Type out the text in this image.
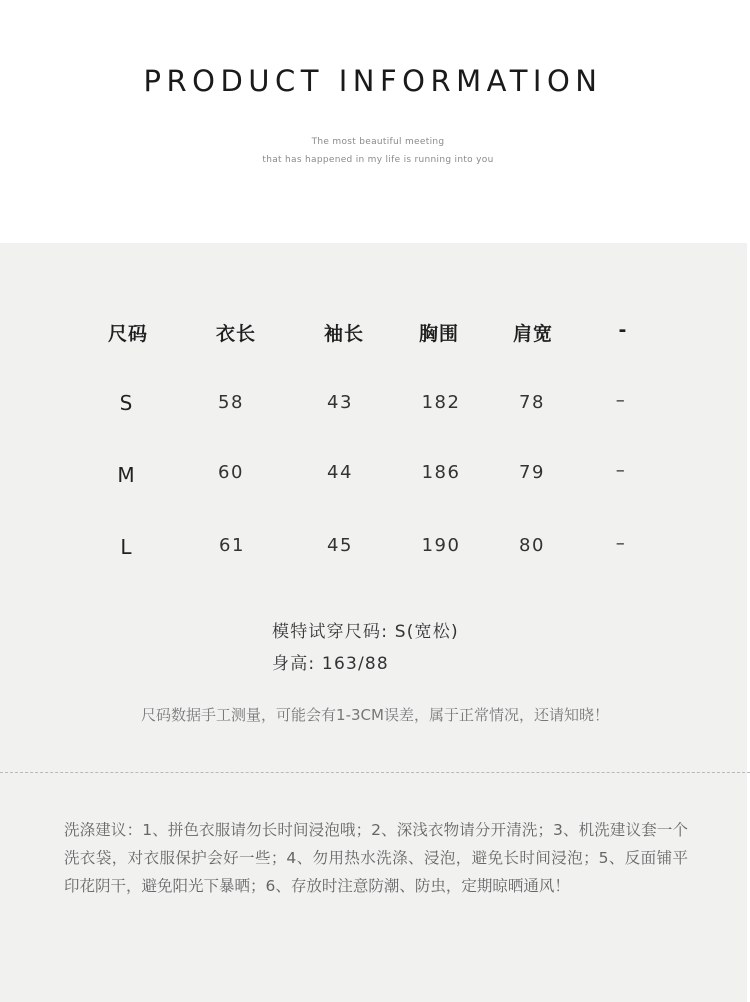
PRODUCT INFORMATION
The most beautiful meeting
that has happened in my life is running into you
尺码	衣长	袖长	胸围	肩宽	-
S	58	43	182	78	–
M	60	44	186	79	–
L	61	45	190	80	–
模特试穿尺码: S(宽松)
身高: 163/88
尺码数据手工测量，可能会有1-3CM误差，属于正常情况，还请知晓！
洗涤建议：1、拼色衣服请勿长时间浸泡哦；2、深浅衣物请分开清洗；3、机洗建议套一个洗衣袋，对衣服保护会好一些；4、勿用热水洗涤、浸泡，避免长时间浸泡；5、反面铺平印花阴干，避免阳光下暴晒；6、存放时注意防潮、防虫，定期晾晒通风！
